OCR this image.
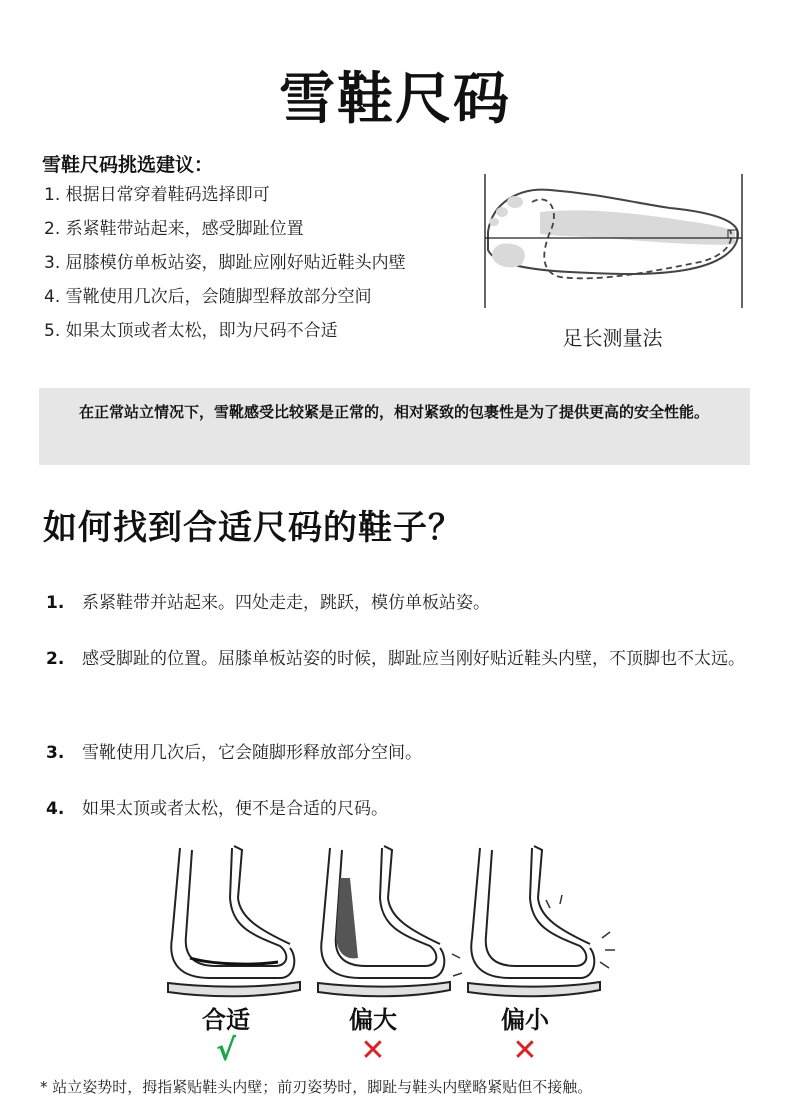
雪鞋尺码
雪鞋尺码挑选建议：
1. 根据日常穿着鞋码选择即可
2. 系紧鞋带站起来，感受脚趾位置
3. 屈膝模仿单板站姿，脚趾应刚好贴近鞋头内壁
4. 雪靴使用几次后，会随脚型释放部分空间
5. 如果太顶或者太松，即为尺码不合适	足长测量法

在正常站立情况下，雪靴感受比较紧是正常的，相对紧致的包裹性是为了提供更高的安全性能。

如何找到合适尺码的鞋子？
1. 系紧鞋带并站起来。四处走走，跳跃，模仿单板站姿。
2. 感受脚趾的位置。屈膝单板站姿的时候，脚趾应当刚好贴近鞋头内壁，不顶脚也不太远。
3. 雪靴使用几次后，它会随脚形释放部分空间。
4. 如果太顶或者太松，便不是合适的尺码。
合适	偏大	偏小
√	✕	✕
* 站立姿势时，拇指紧贴鞋头内壁；前刃姿势时，脚趾与鞋头内壁略紧贴但不接触。
